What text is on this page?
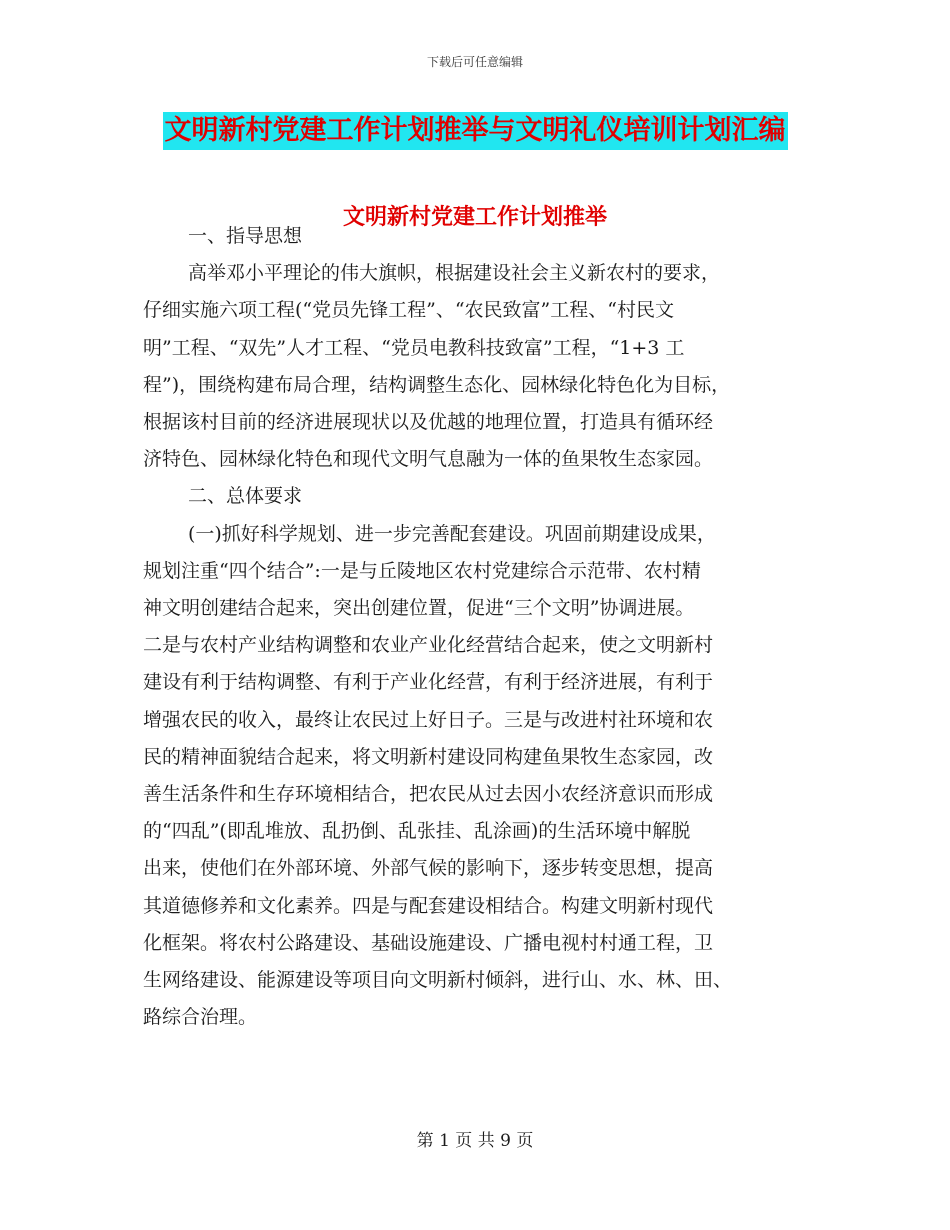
下载后可任意编辑
文明新村党建工作计划推举与文明礼仪培训计划汇编
文明新村党建工作计划推举
一、指导思想
高举邓小平理论的伟大旗帜，根据建设社会主义新农村的要求，
仔细实施六项工程(“党员先锋工程”、“农民致富”工程、“村民文
明”工程、“双先”人才工程、“党员电教科技致富”工程，“1+3 工
程”)，围绕构建布局合理，结构调整生态化、园林绿化特色化为目标，
根据该村目前的经济进展现状以及优越的地理位置，打造具有循环经
济特色、园林绿化特色和现代文明气息融为一体的鱼果牧生态家园。
二、总体要求
(一)抓好科学规划、进一步完善配套建设。巩固前期建设成果，
规划注重“四个结合”:一是与丘陵地区农村党建综合示范带、农村精
神文明创建结合起来，突出创建位置，促进“三个文明”协调进展。
二是与农村产业结构调整和农业产业化经营结合起来，使之文明新村
建设有利于结构调整、有利于产业化经营，有利于经济进展，有利于
增强农民的收入，最终让农民过上好日子。三是与改进村社环境和农
民的精神面貌结合起来，将文明新村建设同构建鱼果牧生态家园，改
善生活条件和生存环境相结合，把农民从过去因小农经济意识而形成
的“四乱”(即乱堆放、乱扔倒、乱张挂、乱涂画)的生活环境中解脱
出来，使他们在外部环境、外部气候的影响下，逐步转变思想，提高
其道德修养和文化素养。四是与配套建设相结合。构建文明新村现代
化框架。将农村公路建设、基础设施建设、广播电视村村通工程，卫
生网络建设、能源建设等项目向文明新村倾斜，进行山、水、林、田、
路综合治理。
第 1 页 共 9 页
